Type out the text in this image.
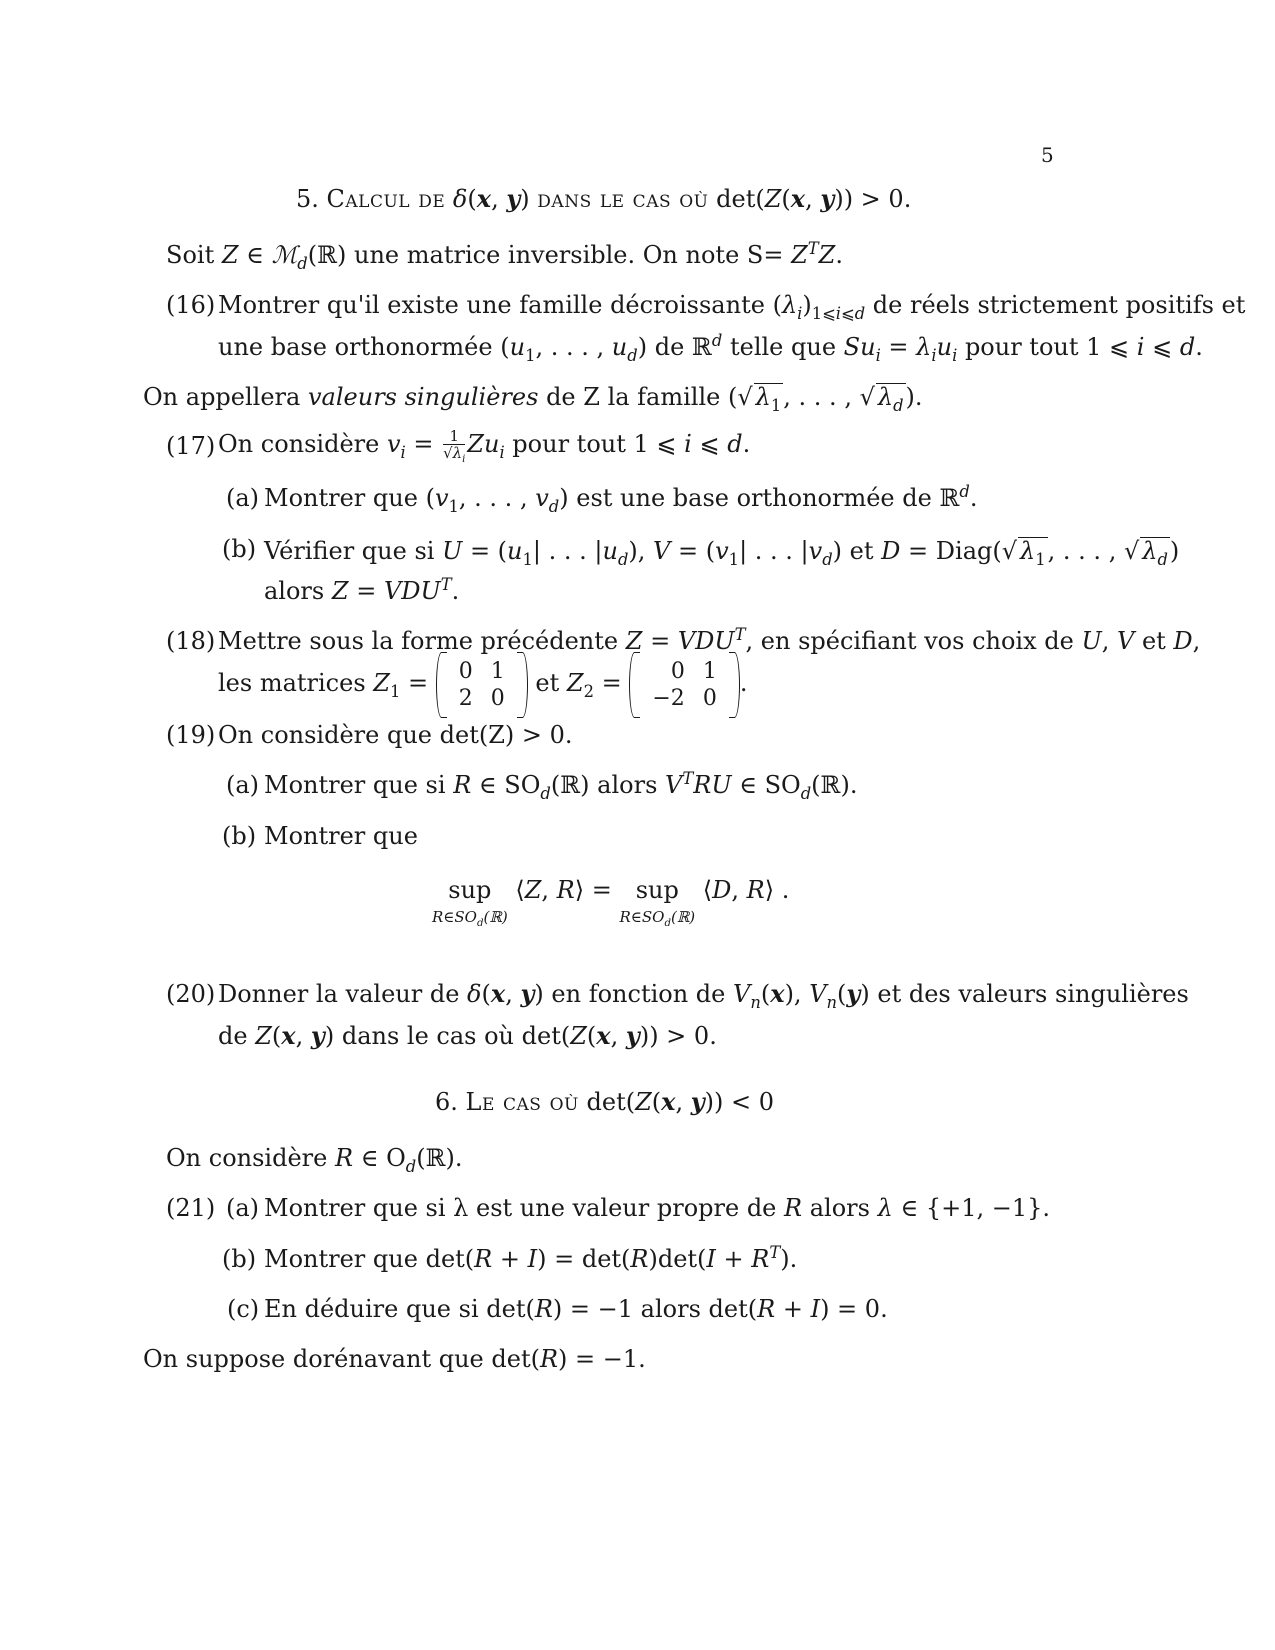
5
5. Calcul de δ(x, y) dans le cas où det(Z(x, y)) > 0.
Soit Z ∈ ℳ$_d$(ℝ) une matrice inversible. On note $S= Z^TZ$.
(16) Montrer qu'il existe une famille décroissante $(\lambda_i)_{1⩽i⩽d}$ de réels strictement positifs et
une base orthonormée ($u_1$, . . . , $u_d$) de ℝ$^d$ telle que $Su_i = \lambda_iu_i$ pour tout 1 ⩽ i ⩽ d.
On appellera valeurs singulières de Z la famille (√ $\lambda_1$, . . . , √ $\lambda_d$).
(17) On considère $v_i = \frac{1}{√\lambda_i} Zu_i$ pour tout 1 ⩽ i ⩽ d.
(a) Montrer que ($v_1$, . . . , $v_d$) est une base orthonormée de ℝ$^d$.
(b) Vérifier que si $U = (u_1|$ . . . $|u_d$), $V = (v_1|$ . . . $|v_d$) et D = Diag(√ $\lambda_1$, . . . , √ $\lambda_d$)
alors $Z = VDU^T$.
(18) Mettre sous la forme précédente $Z = VDU^T$, en spécifiant vos choix de U, V et D,
les matrices $Z_1 = 0$	1
2	0
et $Z_2 = 0$	1
−2	0
.
(19) On considère que det(Z) > 0.
(a) Montrer que si R ∈ $SO_d(ℝ)$ alors $V^TRU$ ∈ $SO_d(ℝ)$.
(b) Montrer que
sup
$R\in SO_d(ℝ)$
⟨Z, R⟩ = sup
$R\in SO_d(ℝ)$
⟨D, R⟩ .
(20) Donner la valeur de δ(x, y) en fonction de $V_n(x)$, $V_n(y)$ et des valeurs singulières
de Z(x, y) dans le cas où det(Z(x, y)) > 0.
6. Le cas où det(Z(x, y)) < 0
On considère R ∈ $O_d(ℝ)$.
(21) (a) Montrer que si λ est une valeur propre de R alors λ ∈ {+1, −1}.
(b) Montrer que $\det(R + I) = \det(R)\det(I + R^T)$.
(c) En déduire que si det(R) = −1 alors det(R + I) = 0.
On suppose dorénavant que det(R) = −1.
